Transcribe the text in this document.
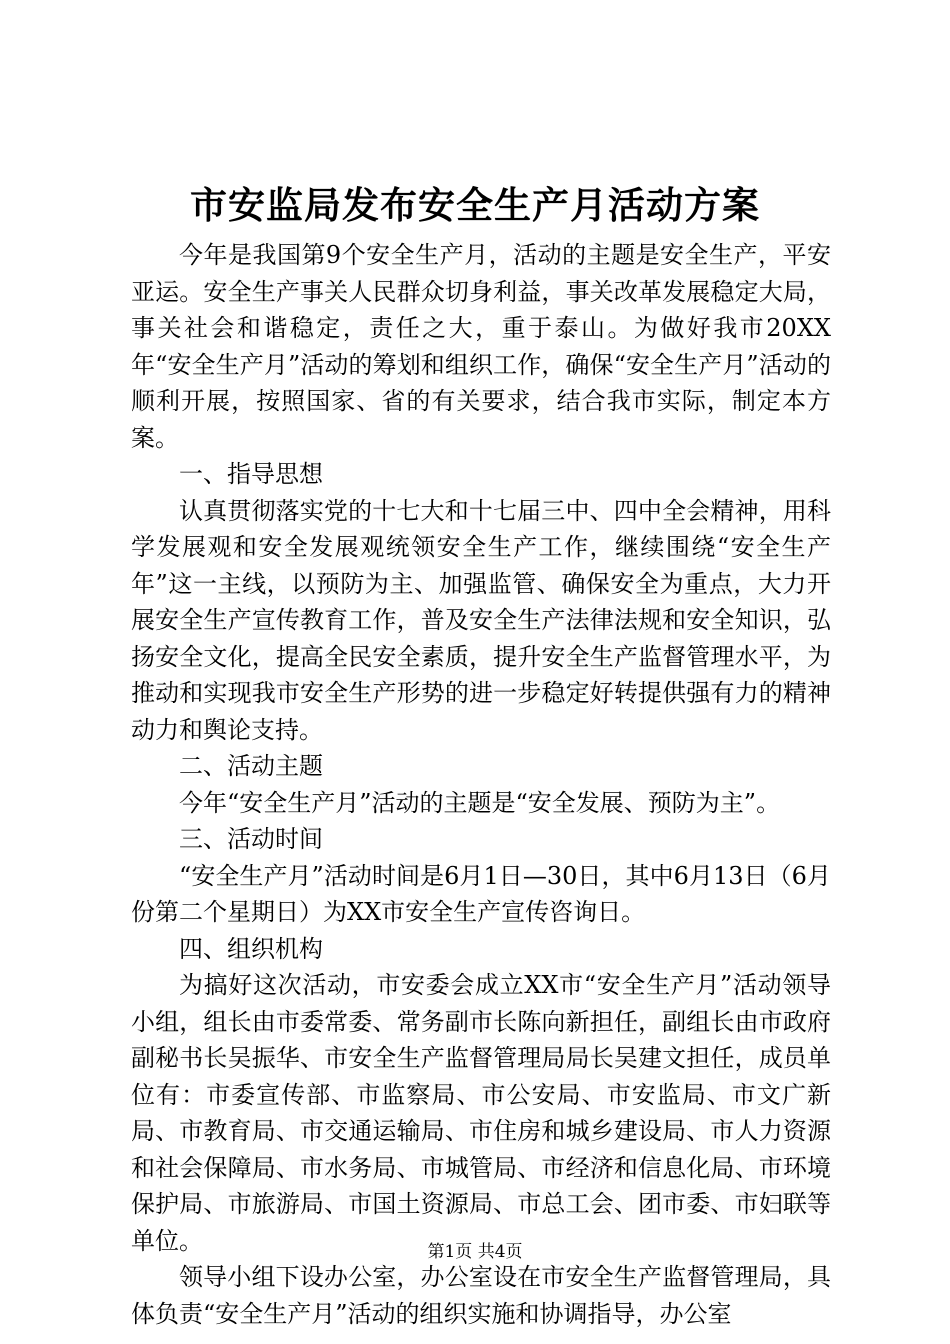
市安监局发布安全生产月活动方案

今年是我国第9个安全生产月，活动的主题是安全生产，平安亚运。安全生产事关人民群众切身利益，事关改革发展稳定大局，事关社会和谐稳定，责任之大，重于泰山。为做好我市20XX年“安全生产月”活动的筹划和组织工作，确保“安全生产月”活动的顺利开展，按照国家、省的有关要求，结合我市实际，制定本方案。

一、指导思想

认真贯彻落实党的十七大和十七届三中、四中全会精神，用科学发展观和安全发展观统领安全生产工作，继续围绕“安全生产年”这一主线，以预防为主、加强监管、确保安全为重点，大力开展安全生产宣传教育工作，普及安全生产法律法规和安全知识，弘扬安全文化，提高全民安全素质，提升安全生产监督管理水平，为推动和实现我市安全生产形势的进一步稳定好转提供强有力的精神动力和舆论支持。

二、活动主题

今年“安全生产月”活动的主题是“安全发展、预防为主”。

三、活动时间

“安全生产月”活动时间是6月1日—30日，其中6月13日（6月份第二个星期日）为XX市安全生产宣传咨询日。

四、组织机构

为搞好这次活动，市安委会成立XX市“安全生产月”活动领导小组，组长由市委常委、常务副市长陈向新担任，副组长由市政府副秘书长吴振华、市安全生产监督管理局局长吴建文担任，成员单位有：市委宣传部、市监察局、市公安局、市安监局、市文广新局、市教育局、市交通运输局、市住房和城乡建设局、市人力资源和社会保障局、市水务局、市城管局、市经济和信息化局、市环境保护局、市旅游局、市国土资源局、市总工会、团市委、市妇联等单位。

领导小组下设办公室，办公室设在市安全生产监督管理局，具体负责“安全生产月”活动的组织实施和协调指导，办公室

第1页 共4页
